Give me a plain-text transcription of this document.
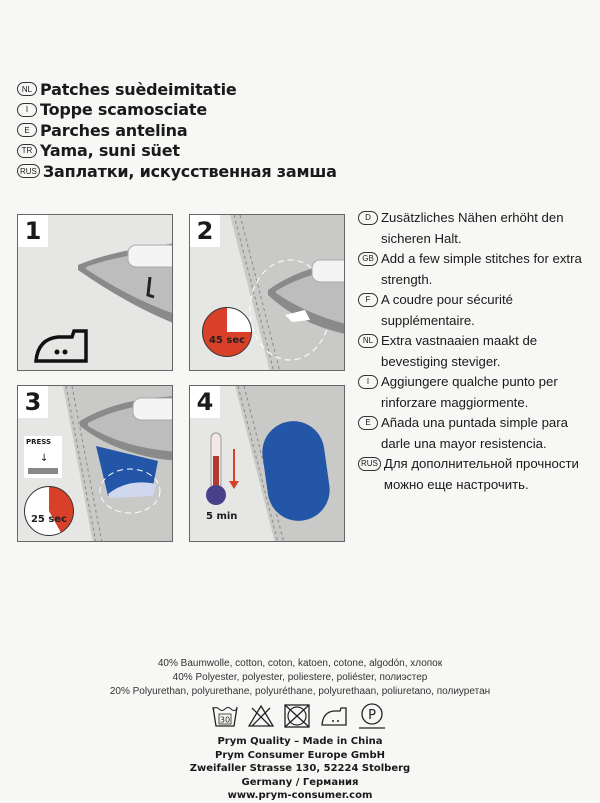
NL Patches suèdeimitatie
I Toppe scamosciate
E Parches antelina
TR Yama, suni süet
RUS Заплатки, искусственная замша
1	2
45 sec
3
PRESS
↓
25 sec
4
5 min
D Zusätzliches Nähen erhöht den sicheren Halt.
GB Add a few simple stitches for extra strength.
F A coudre pour sécurité supplémentaire.
NL Extra vastnaaien maakt de bevestiging steviger.
I Aggiungere qualche punto per rinforzare maggiormente.
E Añada una puntada simple para darle una mayor resistencia.
RUS Для дополнительной прочности можно еще настрочить.
40% Baumwolle, cotton, coton, katoen, cotone, algodón, хлопок
40% Polyester, polyester, poliestere, poliéster, полиэстер
20% Polyurethan, polyurethane, polyuréthane, polyurethaan, poliuretano, полиуретан
30	P
Prym Quality – Made in China
Prym Consumer Europe GmbH
Zweifaller Strasse 130, 52224 Stolberg
Germany / Германия
www.prym-consumer.com
